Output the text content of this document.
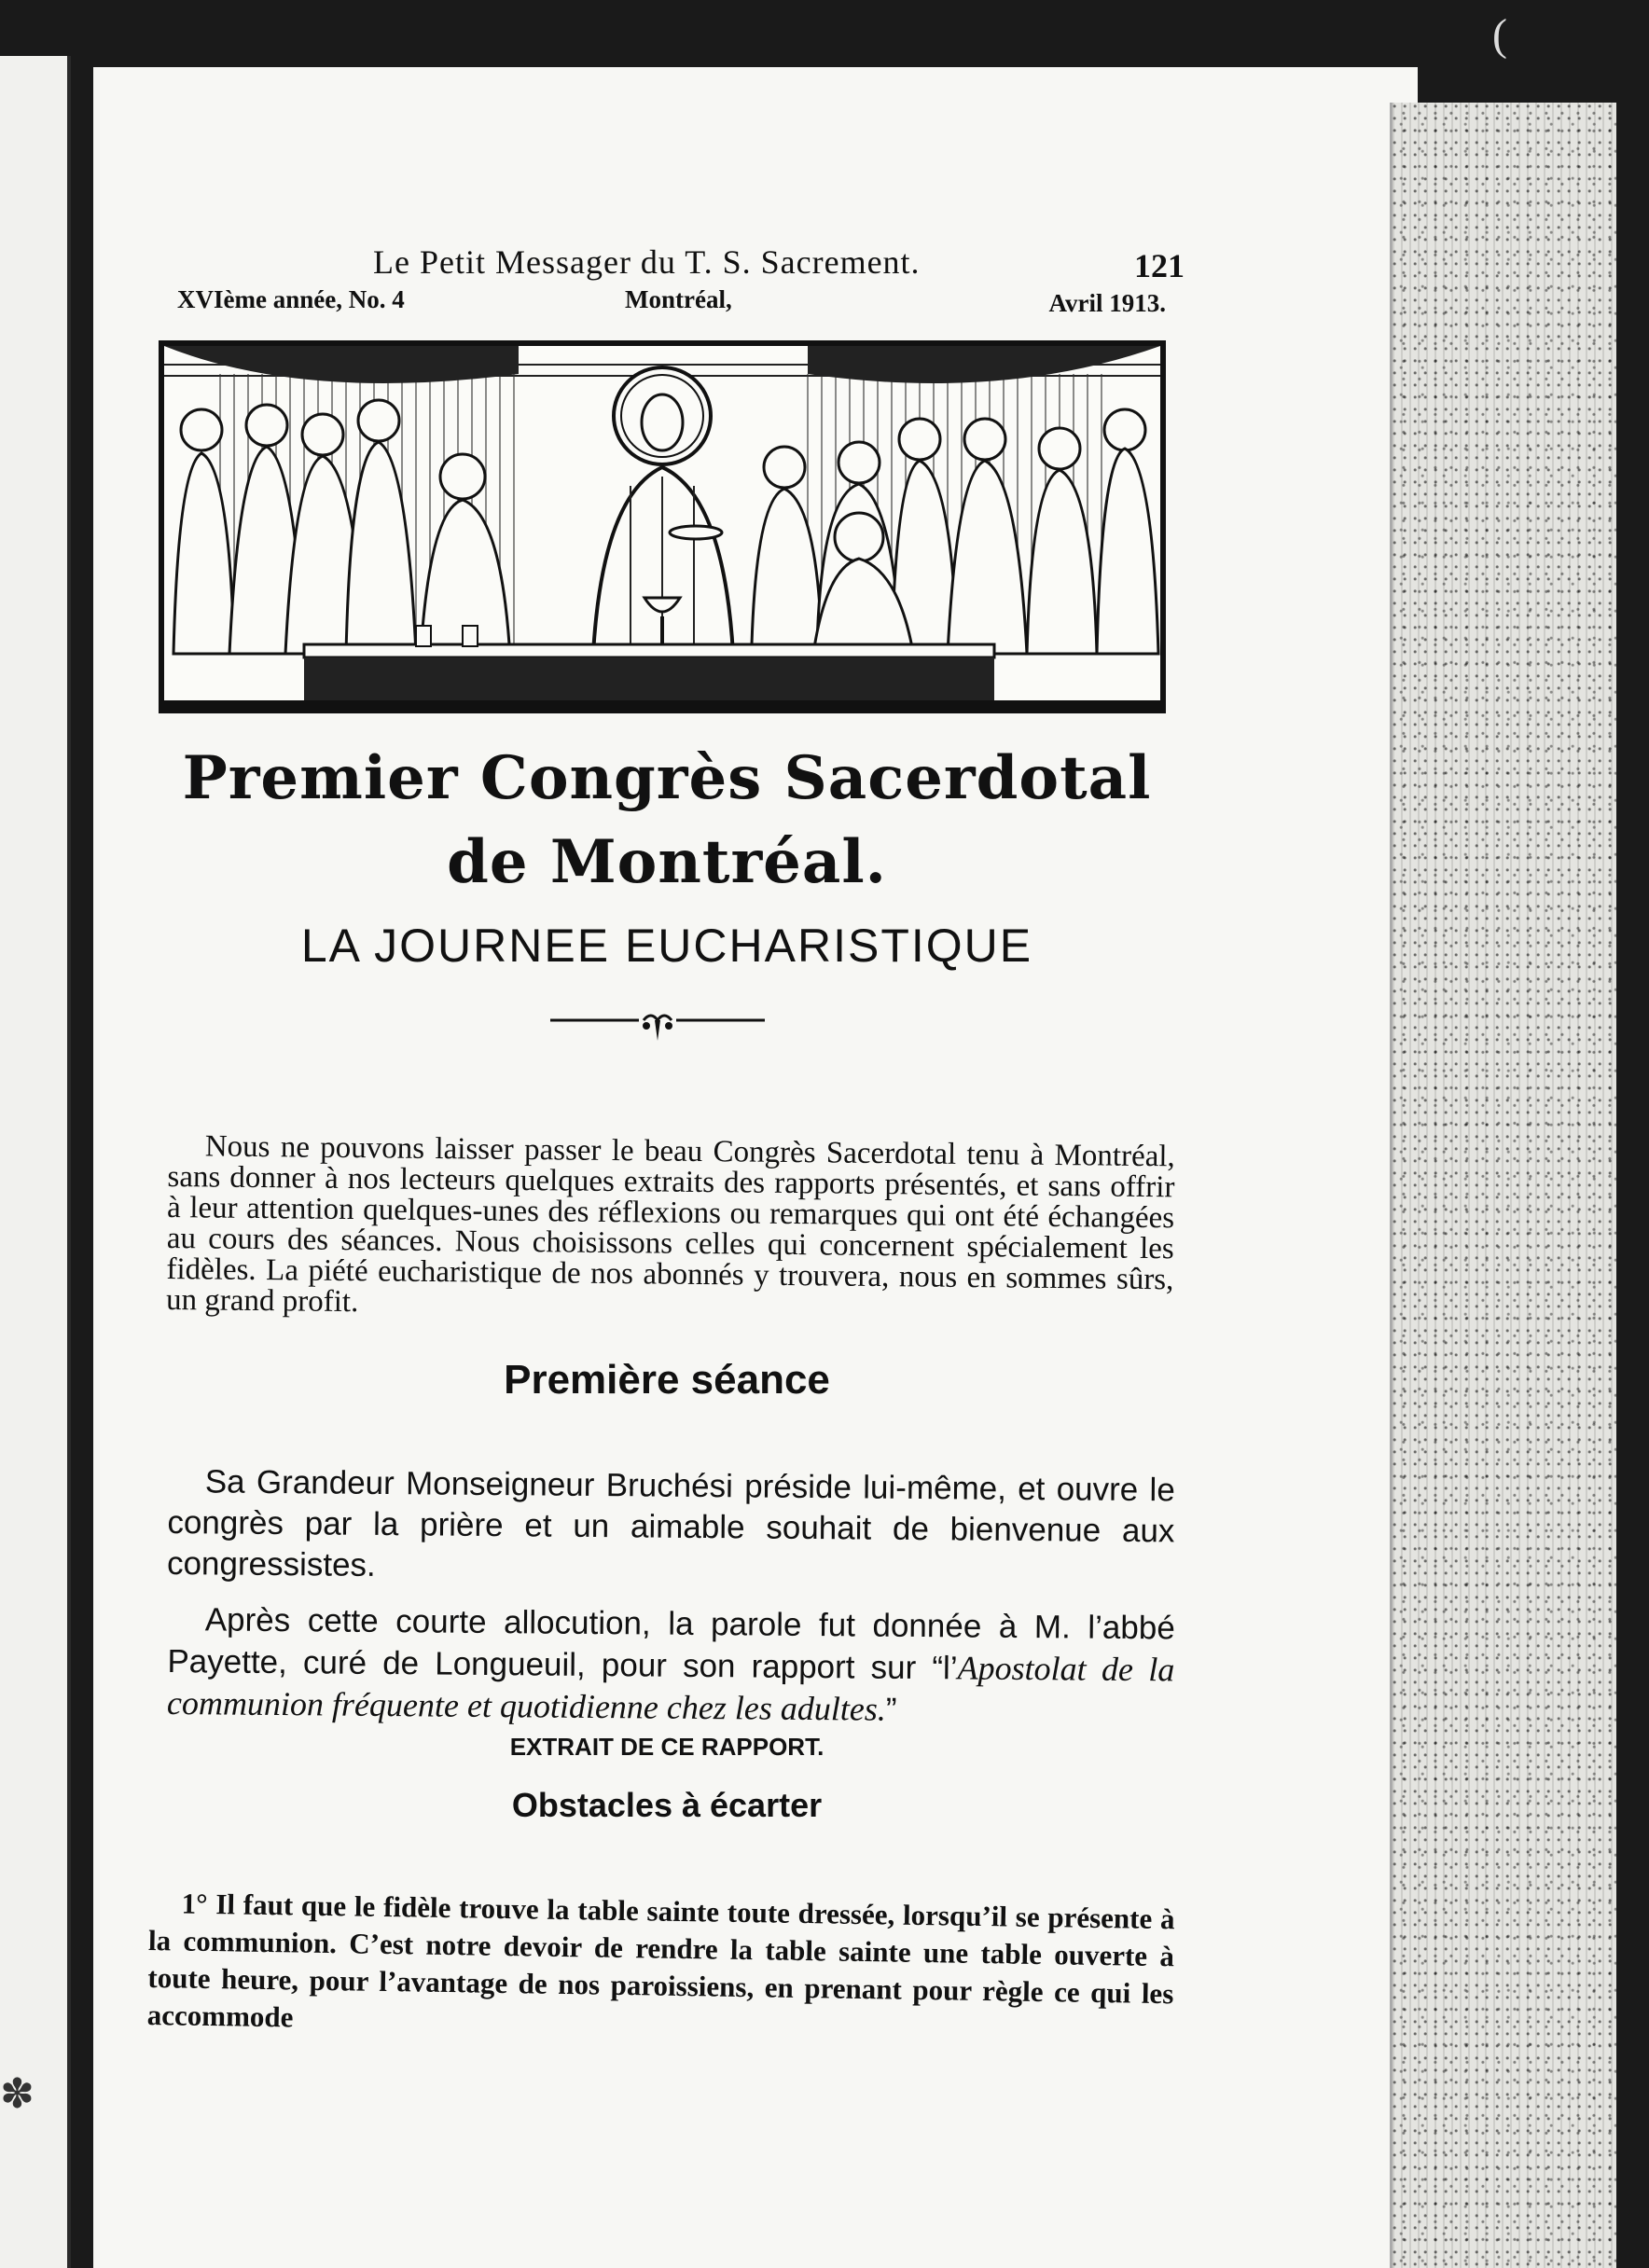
✽
(
Le Petit Messager du T. S. Sacrement.	121
XVIème année, No. 4	Montréal,	Avril 1913.
Premier Congrès Sacerdotal
de Montréal.
LA JOURNEE EUCHARISTIQUE

Nous ne pouvons laisser passer le beau Congrès Sacerdotal tenu à Montréal, sans donner à nos lecteurs quelques extraits des rapports présentés, et sans offrir à leur attention quelques-unes des réflexions ou remarques qui ont été échangées au cours des séances. Nous choisissons celles qui concernent spécialement les fidèles. La piété eucharistique de nos abonnés y trouvera, nous en sommes sûrs, un grand profit.

Première séance

Sa Grandeur Monseigneur Bruchési préside lui-même, et ouvre le congrès par la prière et un aimable souhait de bienvenue aux congressistes.

Après cette courte allocution, la parole fut donnée à M. l’abbé Payette, curé de Longueuil, pour son rapport sur “l’Apostolat de la communion fréquente et quotidienne chez les adultes.”

EXTRAIT DE CE RAPPORT.
Obstacles à écarter

1° Il faut que le fidèle trouve la table sainte toute dressée, lorsqu’il se présente à la communion. C’est notre devoir de rendre la table sainte une table ouverte à toute heure, pour l’avantage de nos paroissiens, en prenant pour règle ce qui les accommode
